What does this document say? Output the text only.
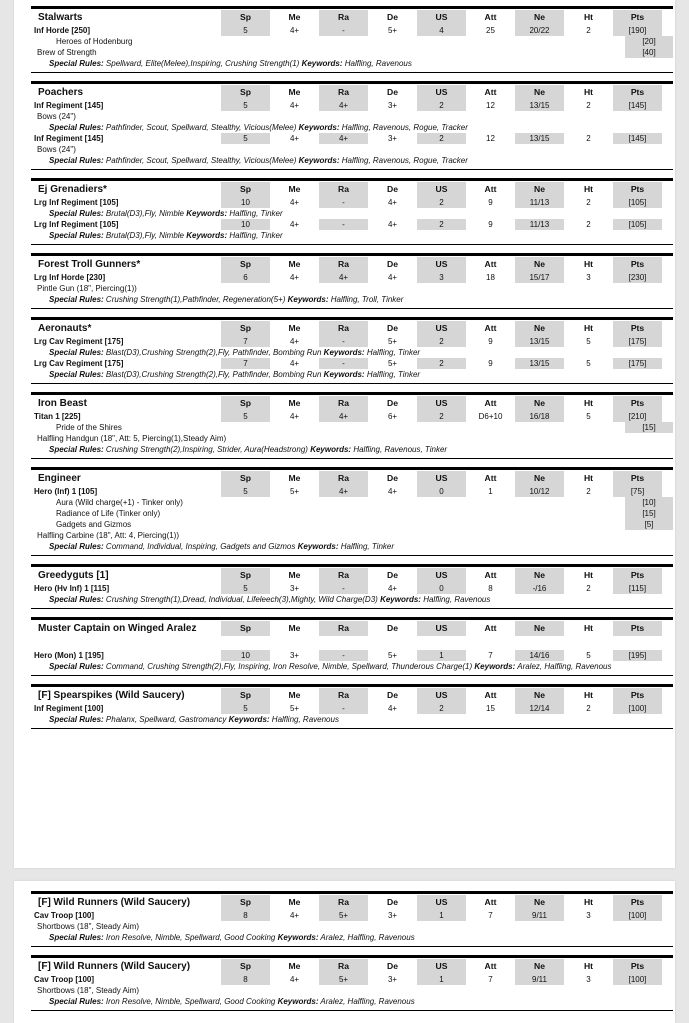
Stalwarts	Sp	Me	Ra	De	US	Att	Ne	Ht	Pts
Inf Horde [250]	5	4+	-	5+	4	25	20/22	2	[190]
Heroes of Hodenburg	[20]
Brew of Strength	[40]
Special Rules: Spellward, Elite(Melee),Inspiring, Crushing Strength(1) Keywords: Halfling, Ravenous
Poachers	Sp	Me	Ra	De	US	Att	Ne	Ht	Pts
Inf Regiment [145]	5	4+	4+	3+	2	12	13/15	2	[145]
Bows (24")
Special Rules: Pathfinder, Scout, Spellward, Stealthy, Vicious(Melee) Keywords: Halfling, Ravenous, Rogue, Tracker
Inf Regiment [145]	5	4+	4+	3+	2	12	13/15	2	[145]
Bows (24")
Special Rules: Pathfinder, Scout, Spellward, Stealthy, Vicious(Melee) Keywords: Halfling, Ravenous, Rogue, Tracker
Ej Grenadiers*	Sp	Me	Ra	De	US	Att	Ne	Ht	Pts
Lrg Inf Regiment [105]	10	4+	-	4+	2	9	11/13	2	[105]
Special Rules: Brutal(D3),Fly, Nimble Keywords: Halfling, Tinker
Lrg Inf Regiment [105]	10	4+	-	4+	2	9	11/13	2	[105]
Special Rules: Brutal(D3),Fly, Nimble Keywords: Halfling, Tinker
Forest Troll Gunners*	Sp	Me	Ra	De	US	Att	Ne	Ht	Pts
Lrg Inf Horde [230]	6	4+	4+	4+	3	18	15/17	3	[230]
Pintle Gun (18", Piercing(1))
Special Rules: Crushing Strength(1),Pathfinder, Regeneration(5+) Keywords: Halfling, Troll, Tinker
Aeronauts*	Sp	Me	Ra	De	US	Att	Ne	Ht	Pts
Lrg Cav Regiment [175]	7	4+	-	5+	2	9	13/15	5	[175]
Special Rules: Blast(D3),Crushing Strength(2),Fly, Pathfinder, Bombing Run Keywords: Halfling, Tinker
Lrg Cav Regiment [175]	7	4+	-	5+	2	9	13/15	5	[175]
Special Rules: Blast(D3),Crushing Strength(2),Fly, Pathfinder, Bombing Run Keywords: Halfling, Tinker
Iron Beast	Sp	Me	Ra	De	US	Att	Ne	Ht	Pts
Titan 1 [225]	5	4+	4+	6+	2	D6+10	16/18	5	[210]
Pride of the Shires	[15]
Halfling Handgun (18", Att: 5, Piercing(1),Steady Aim)
Special Rules: Crushing Strength(2),Inspiring, Strider, Aura(Headstrong) Keywords: Halfling, Ravenous, Tinker
Engineer	Sp	Me	Ra	De	US	Att	Ne	Ht	Pts
Hero (Inf) 1 [105]	5	5+	4+	4+	0	1	10/12	2	[75]
Aura (Wild charge(+1) - Tinker only)	[10]
Radiance of Life (Tinker only)	[15]
Gadgets and Gizmos	[5]
Halfling Carbine (18", Att: 4, Piercing(1))
Special Rules: Command, Individual, Inspiring, Gadgets and Gizmos Keywords: Halfling, Tinker
Greedyguts [1]	Sp	Me	Ra	De	US	Att	Ne	Ht	Pts
Hero (Hv Inf) 1 [115]	5	3+	-	4+	0	8	-/16	2	[115]
Special Rules: Crushing Strength(1),Dread, Individual, Lifeleech(3),Mighty, Wild Charge(D3) Keywords: Halfling, Ravenous
Muster Captain on Winged Aralez	Sp	Me	Ra	De	US	Att	Ne	Ht	Pts
Hero (Mon) 1 [195]	10	3+	-	5+	1	7	14/16	5	[195]
Special Rules: Command, Crushing Strength(2),Fly, Inspiring, Iron Resolve, Nimble, Spellward, Thunderous Charge(1) Keywords: Aralez, Halfling, Ravenous
[F] Spearspikes (Wild Saucery)	Sp	Me	Ra	De	US	Att	Ne	Ht	Pts
Inf Regiment [100]	5	5+	-	4+	2	15	12/14	2	[100]
Special Rules: Phalanx, Spellward, Gastromancy Keywords: Halfling, Ravenous
[F] Wild Runners (Wild Saucery)	Sp	Me	Ra	De	US	Att	Ne	Ht	Pts
Cav Troop [100]	8	4+	5+	3+	1	7	9/11	3	[100]
Shortbows (18", Steady Aim)
Special Rules: Iron Resolve, Nimble, Spellward, Good Cooking Keywords: Aralez, Halfling, Ravenous
[F] Wild Runners (Wild Saucery)	Sp	Me	Ra	De	US	Att	Ne	Ht	Pts
Cav Troop [100]	8	4+	5+	3+	1	7	9/11	3	[100]
Shortbows (18", Steady Aim)
Special Rules: Iron Resolve, Nimble, Spellward, Good Cooking Keywords: Aralez, Halfling, Ravenous
